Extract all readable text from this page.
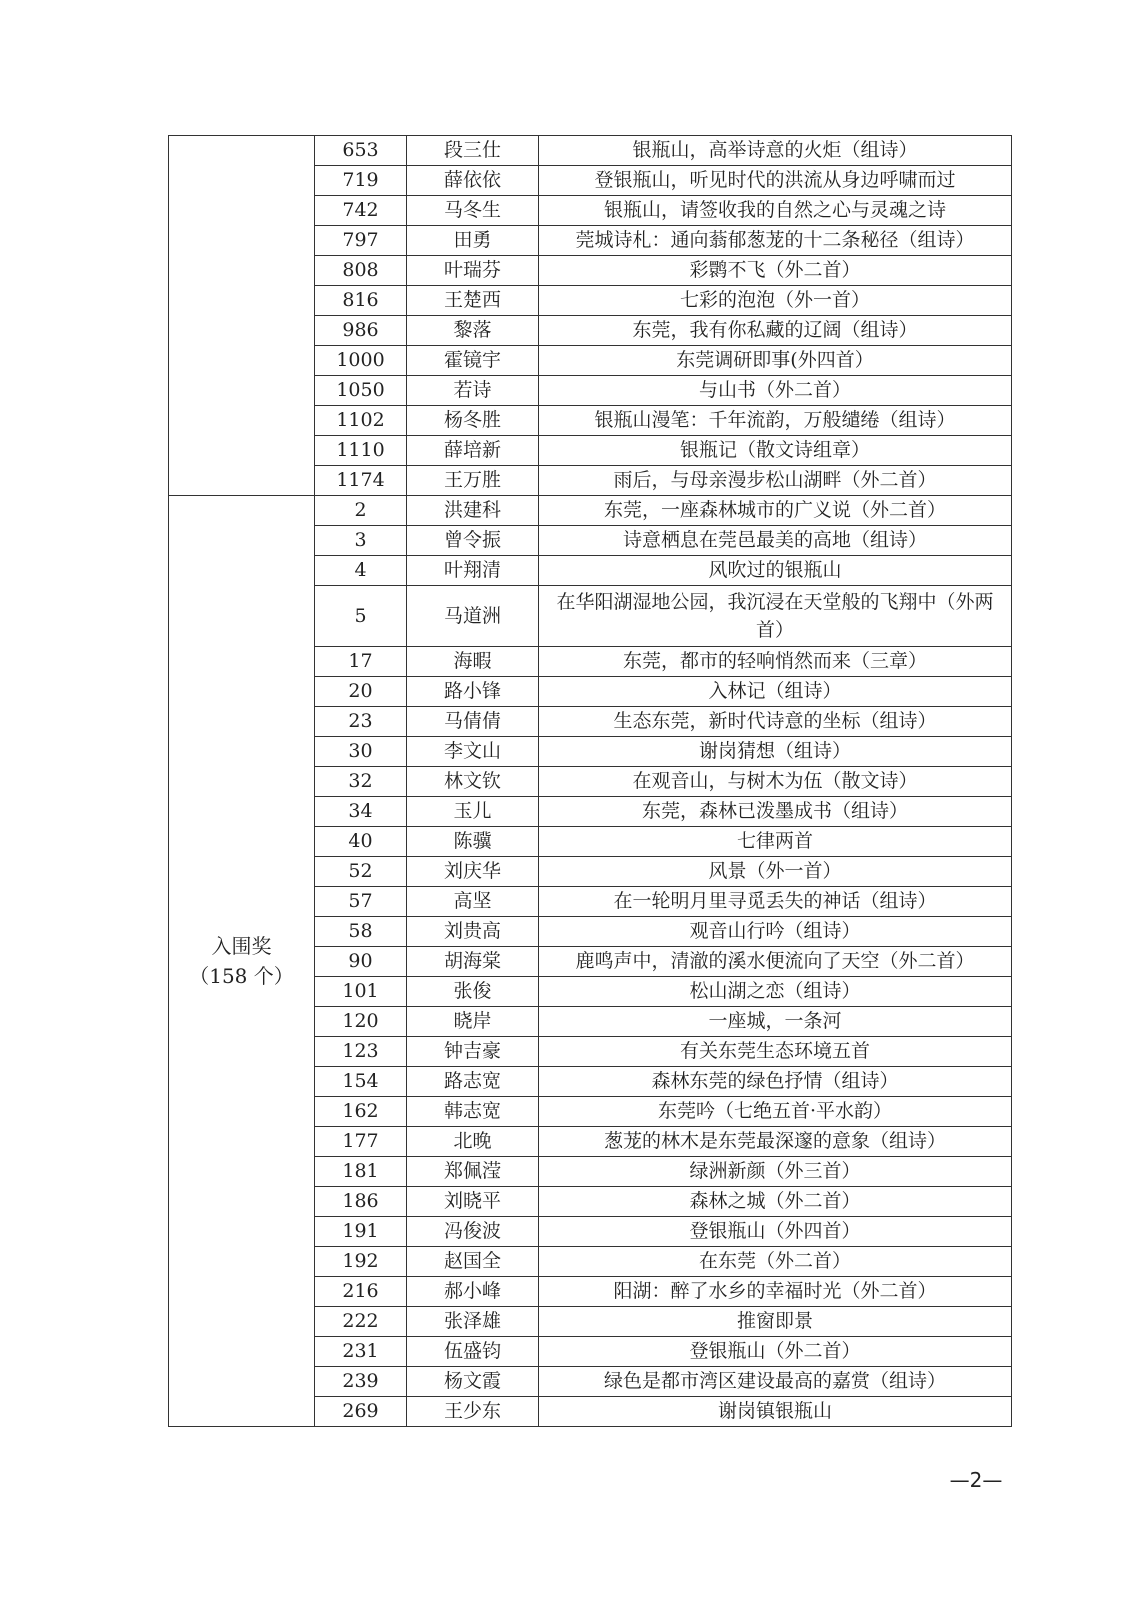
	653	段三仕	银瓶山，高举诗意的火炬（组诗）
	719	薛依依	登银瓶山，听见时代的洪流从身边呼啸而过
	742	马冬生	银瓶山，请签收我的自然之心与灵魂之诗
	797	田勇	莞城诗札：通向蓊郁葱茏的十二条秘径（组诗）
	808	叶瑞芬	彩鹮不飞（外二首）
	816	王楚西	七彩的泡泡（外一首）
	986	黎落	东莞，我有你私藏的辽阔（组诗）
	1000	霍镜宇	东莞调研即事(外四首）
	1050	若诗	与山书（外二首）
	1102	杨冬胜	银瓶山漫笔：千年流韵，万般缱绻（组诗）
	1110	薛培新	银瓶记（散文诗组章）
	1174	王万胜	雨后，与母亲漫步松山湖畔（外二首）

入围奖
（158 个）	2	洪建科	东莞，一座森林城市的广义说（外二首）
	3	曾令振	诗意栖息在莞邑最美的高地（组诗）
	4	叶翔清	风吹过的银瓶山
	5	马道洲	在华阳湖湿地公园，我沉浸在天堂般的飞翔中（外两首）
	17	海暇	东莞，都市的轻响悄然而来（三章）
	20	路小锋	入林记（组诗）
	23	马倩倩	生态东莞，新时代诗意的坐标（组诗）
	30	李文山	谢岗猜想（组诗）
	32	林文钦	在观音山，与树木为伍（散文诗）
	34	玉儿	东莞，森林已泼墨成书（组诗）
	40	陈骥	七律两首
	52	刘庆华	风景（外一首）
	57	高坚	在一轮明月里寻觅丢失的神话（组诗）
	58	刘贵高	观音山行吟（组诗）
	90	胡海棠	鹿鸣声中，清澈的溪水便流向了天空（外二首）
	101	张俊	松山湖之恋（组诗）
	120	晓岸	一座城，一条河
	123	钟吉豪	有关东莞生态环境五首
	154	路志宽	森林东莞的绿色抒情（组诗）
	162	韩志宽	东莞吟（七绝五首·平水韵）
	177	北晚	葱茏的林木是东莞最深邃的意象（组诗）
	181	郑佩滢	绿洲新颜（外三首）
	186	刘晓平	森林之城（外二首）
	191	冯俊波	登银瓶山（外四首）
	192	赵国全	在东莞（外二首）
	216	郝小峰	阳湖：醉了水乡的幸福时光（外二首）
	222	张泽雄	推窗即景
	231	伍盛钧	登银瓶山（外二首）
	239	杨文霞	绿色是都市湾区建设最高的嘉赏（组诗）
	269	王少东	谢岗镇银瓶山
—2—
